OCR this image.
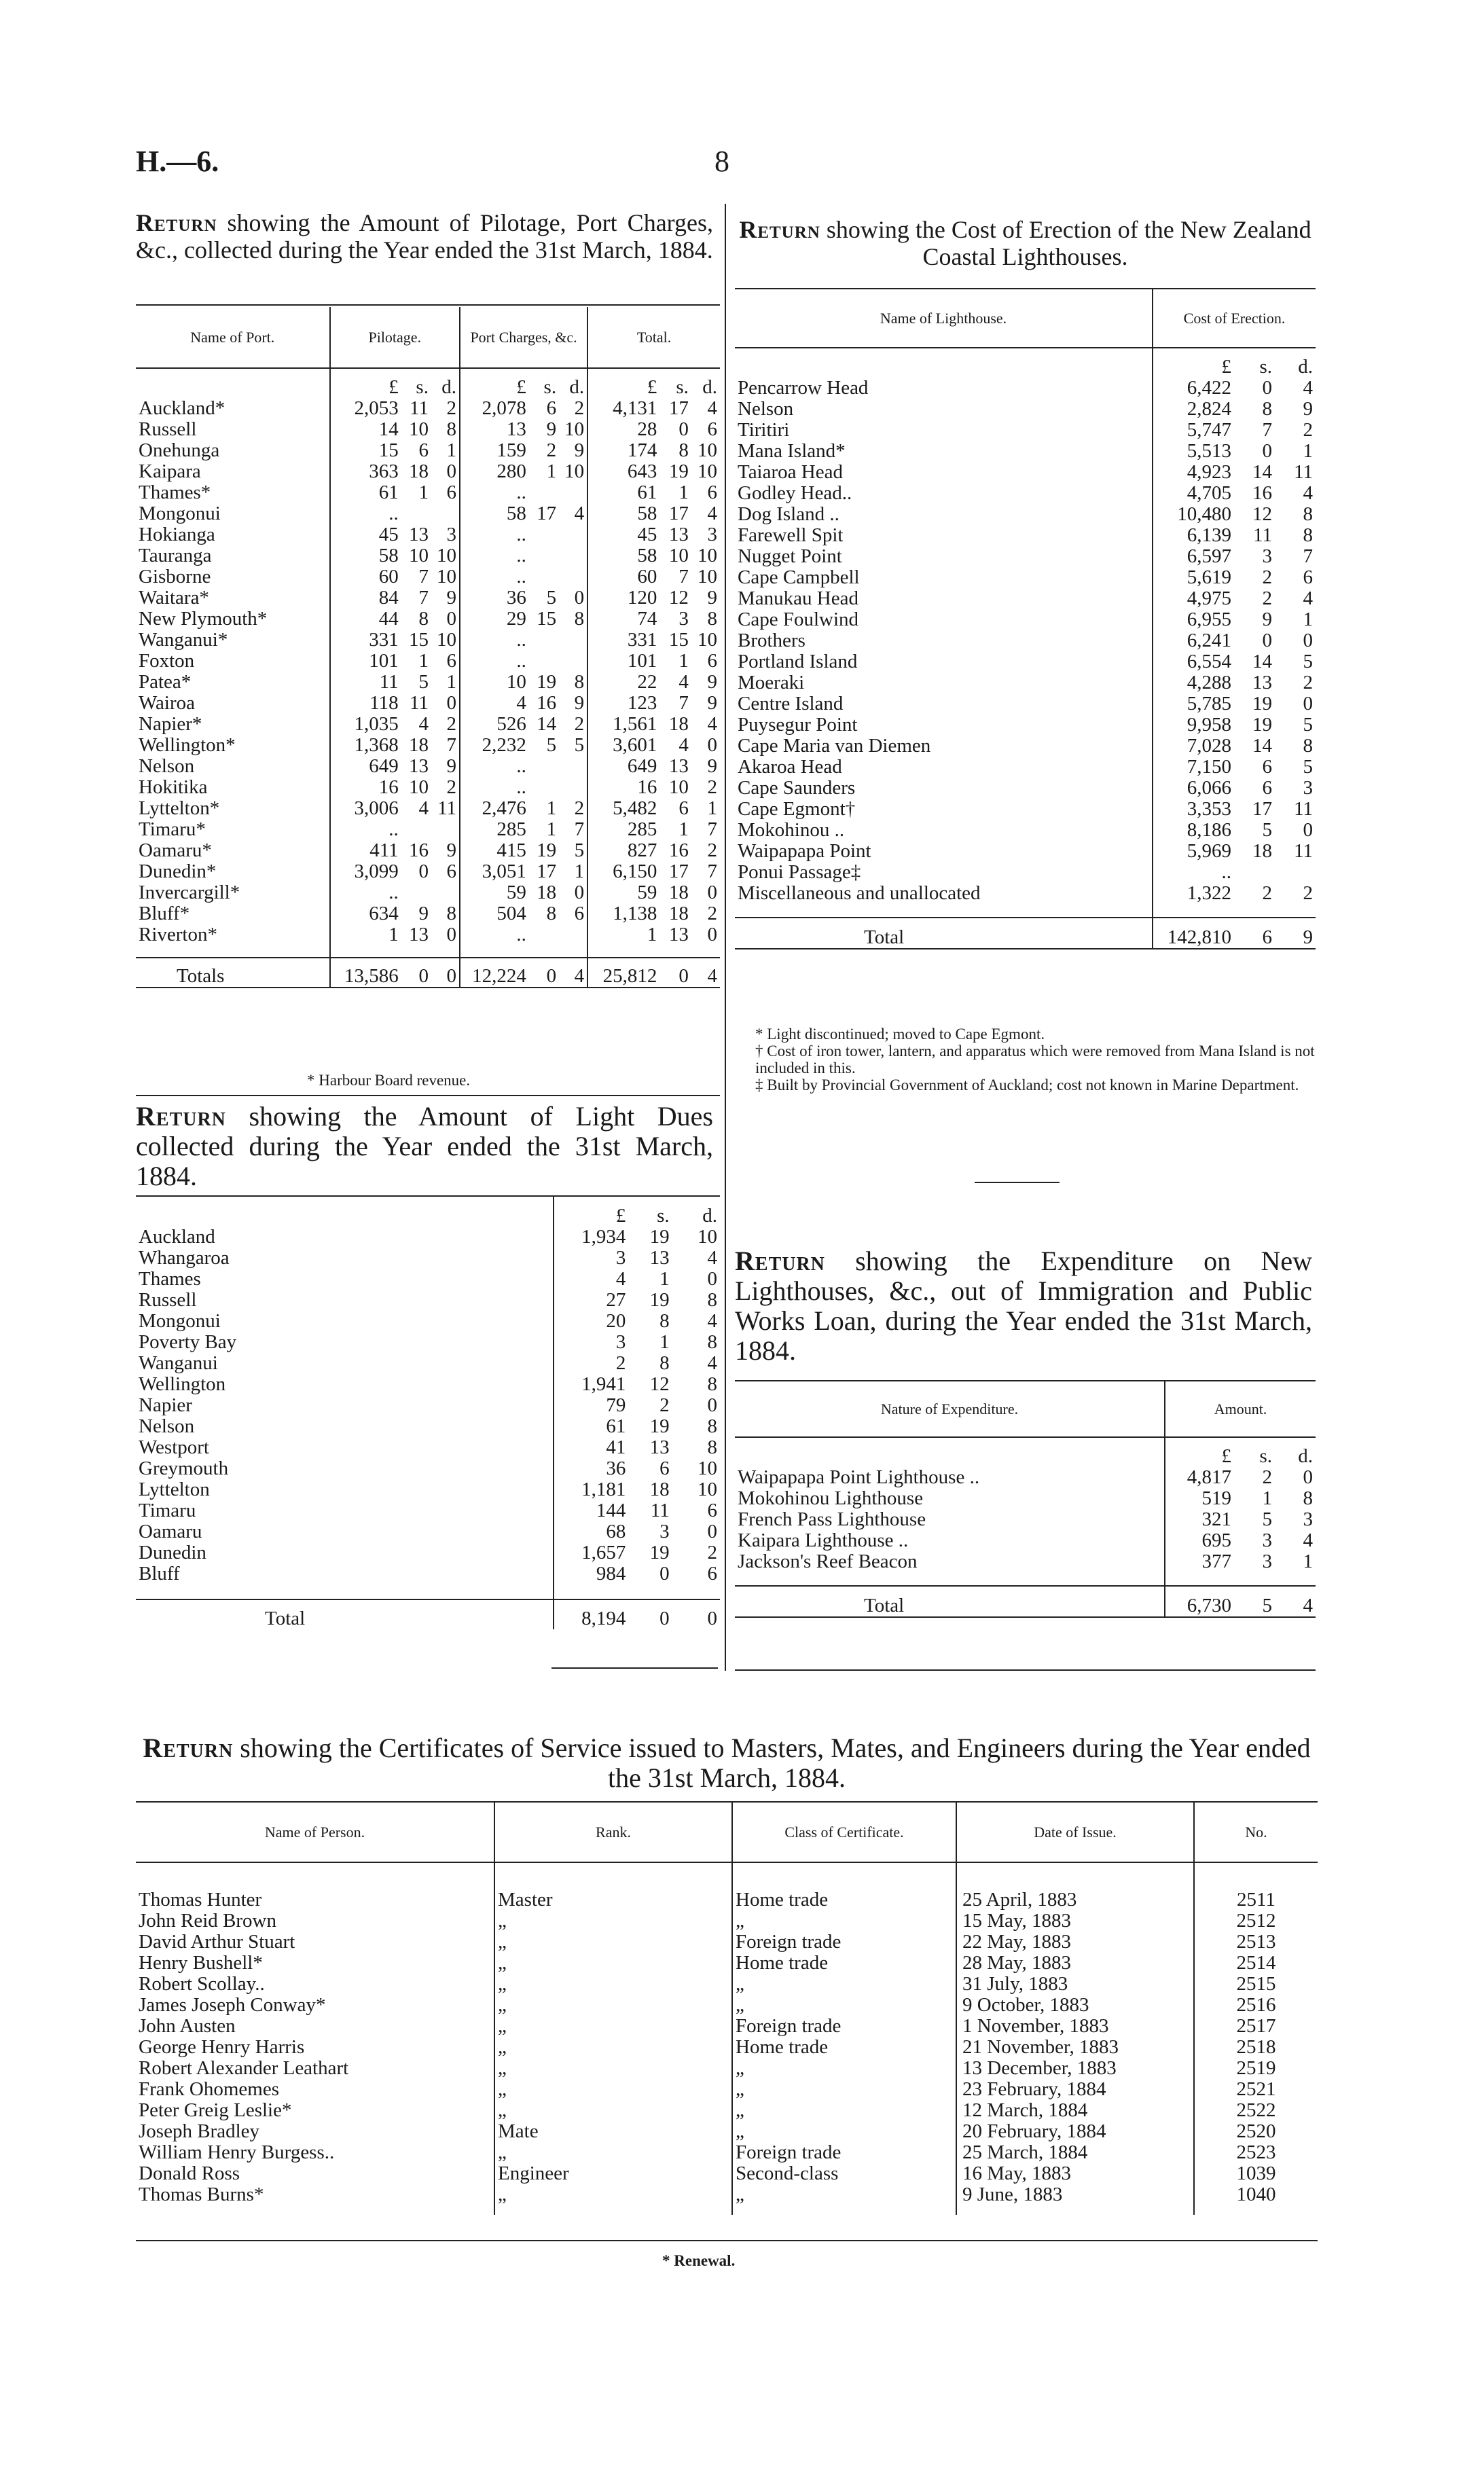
H.—6.	8
Return showing the Amount of Pilotage, Port Charges, &c., collected during the Year ended the 31st March, 1884.
Name of Port.	Pilotage.			Port Charges, &c.			Total.		
	£	s.	d.	£	s.	d.	£	s.	d.
Auckland*	2,053	11	2	2,078	6	2	4,131	17	4
Russell	14	10	8	13	9	10	28	0	6
Onehunga	15	6	1	159	2	9	174	8	10
Kaipara	363	18	0	280	1	10	643	19	10
Thames*	61	1	6	..			61	1	6
Mongonui	..			58	17	4	58	17	4
Hokianga	45	13	3	..			45	13	3
Tauranga	58	10	10	..			58	10	10
Gisborne	60	7	10	..			60	7	10
Waitara*	84	7	9	36	5	0	120	12	9
New Plymouth*	44	8	0	29	15	8	74	3	8
Wanganui*	331	15	10	..			331	15	10
Foxton	101	1	6	..			101	1	6
Patea*	11	5	1	10	19	8	22	4	9
Wairoa	118	11	0	4	16	9	123	7	9
Napier*	1,035	4	2	526	14	2	1,561	18	4
Wellington*	1,368	18	7	2,232	5	5	3,601	4	0
Nelson	649	13	9	..			649	13	9
Hokitika	16	10	2	..			16	10	2
Lyttelton*	3,006	4	11	2,476	1	2	5,482	6	1
Timaru*	..			285	1	7	285	1	7
Oamaru*	411	16	9	415	19	5	827	16	2
Dunedin*	3,099	0	6	3,051	17	1	6,150	17	7
Invercargill*	..			59	18	0	59	18	0
Bluff*	634	9	8	504	8	6	1,138	18	2
Riverton*	1	13	0	..			1	13	0

Totals	13,586	0	0	12,224	0	4	25,812	0	4
* Harbour Board revenue.
Return showing the Amount of Light Dues collected during the Year ended the 31st March, 1884.
	£	s.	d.
Auckland	1,934	19	10
Whangaroa	3	13	4
Thames	4	1	0
Russell	27	19	8
Mongonui	20	8	4
Poverty Bay	3	1	8
Wanganui	2	8	4
Wellington	1,941	12	8
Napier	79	2	0
Nelson	61	19	8
Westport	41	13	8
Greymouth	36	6	10
Lyttelton	1,181	18	10
Timaru	144	11	6
Oamaru	68	3	0
Dunedin	1,657	19	2
Bluff	984	0	6

Total	8,194	0	0
Return showing the Cost of Erection of the New Zealand Coastal Lighthouses.
Name of Lighthouse.	Cost of Erection.		
	£	s.	d.
Pencarrow Head	6,422	0	4
Nelson	2,824	8	9
Tiritiri	5,747	7	2
Mana Island*	5,513	0	1
Taiaroa Head	4,923	14	11
Godley Head..	4,705	16	4
Dog Island ..	10,480	12	8
Farewell Spit	6,139	11	8
Nugget Point	6,597	3	7
Cape Campbell	5,619	2	6
Manukau Head	4,975	2	4
Cape Foulwind	6,955	9	1
Brothers	6,241	0	0
Portland Island	6,554	14	5
Moeraki	4,288	13	2
Centre Island	5,785	19	0
Puysegur Point	9,958	19	5
Cape Maria van Diemen	7,028	14	8
Akaroa Head	7,150	6	5
Cape Saunders	6,066	6	3
Cape Egmont†	3,353	17	11
Mokohinou ..	8,186	5	0
Waipapapa Point	5,969	18	11
Ponui Passage‡	..		
Miscellaneous and unallocated	1,322	2	2

Total	142,810	6	9
* Light discontinued; moved to Cape Egmont.
† Cost of iron tower, lantern, and apparatus which were removed from Mana Island is not included in this.
‡ Built by Provincial Government of Auckland; cost not known in Marine Department.
Return showing the Expenditure on New Lighthouses, &c., out of Immigration and Public Works Loan, during the Year ended the 31st March, 1884.
Nature of Expenditure.	Amount.		
	£	s.	d.
Waipapapa Point Lighthouse ..	4,817	2	0
Mokohinou Lighthouse	519	1	8
French Pass Lighthouse	321	5	3
Kaipara Lighthouse ..	695	3	4
Jackson's Reef Beacon	377	3	1

Total	6,730	5	4
Return showing the Certificates of Service issued to Masters, Mates, and Engineers during the Year ended the 31st March, 1884.
Name of Person.	Rank.	Class of Certificate.	Date of Issue.	No.

Thomas Hunter	Master	Home trade	25 April, 1883	2511
John Reid Brown	„	„	15 May, 1883	2512
David Arthur Stuart	„	Foreign trade	22 May, 1883	2513
Henry Bushell*	„	Home trade	28 May, 1883	2514
Robert Scollay..	„	„	31 July, 1883	2515
James Joseph Conway*	„	„	9 October, 1883	2516
John Austen	„	Foreign trade	1 November, 1883	2517
George Henry Harris	„	Home trade	21 November, 1883	2518
Robert Alexander Leathart	„	„	13 December, 1883	2519
Frank Ohomemes	„	„	23 February, 1884	2521
Peter Greig Leslie*	„	„	12 March, 1884	2522
Joseph Bradley	Mate	„	20 February, 1884	2520
William Henry Burgess..	„	Foreign trade	25 March, 1884	2523
Donald Ross	Engineer	Second-class	16 May, 1883	1039
Thomas Burns*	„	„	9 June, 1883	1040

* Renewal.
